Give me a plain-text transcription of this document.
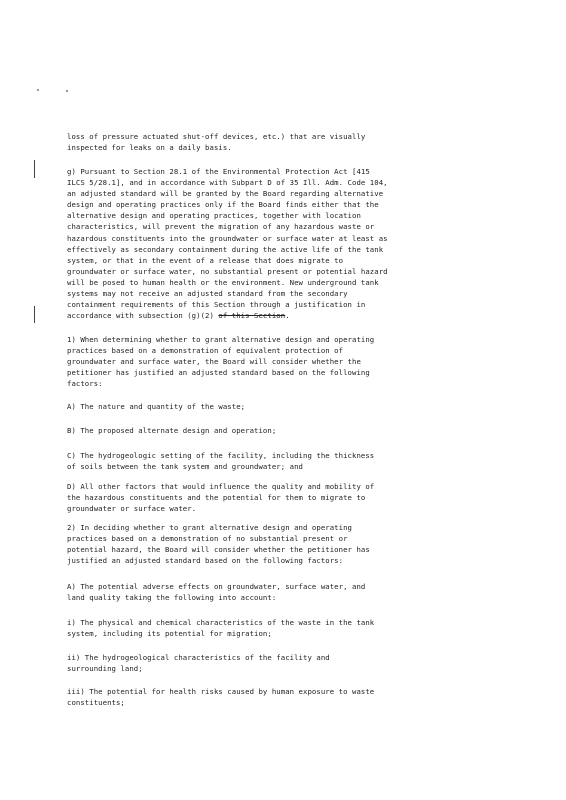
loss of pressure actuated shut-off devices, etc.) that are visually
inspected for leaks on a daily basis.

g) Pursuant to Section 28.1 of the Environmental Protection Act [415
ILCS 5/28.1], and in accordance with Subpart D of 35 Ill. Adm. Code 104,
an adjusted standard will be granted by the Board regarding alternative
design and operating practices only if the Board finds either that the
alternative design and operating practices, together with location
characteristics, will prevent the migration of any hazardous waste or
hazardous constituents into the groundwater or surface water at least as
effectively as secondary containment during the active life of the tank
system, or that in the event of a release that does migrate to
groundwater or surface water, no substantial present or potential hazard
will be posed to human health or the environment. New underground tank
systems may not receive an adjusted standard from the secondary
containment requirements of this Section through a justification in
accordance with subsection (g)(2) of this Section.

1) When determining whether to grant alternative design and operating
practices based on a demonstration of equivalent protection of
groundwater and surface water, the Board will consider whether the
petitioner has justified an adjusted standard based on the following
factors:

A) The nature and quantity of the waste;

B) The proposed alternate design and operation;

C) The hydrogeologic setting of the facility, including the thickness
of soils between the tank system and groundwater; and

D) All other factors that would influence the quality and mobility of
the hazardous constituents and the potential for them to migrate to
groundwater or surface water.

2) In deciding whether to grant alternative design and operating
practices based on a demonstration of no substantial present or
potential hazard, the Board will consider whether the petitioner has
justified an adjusted standard based on the following factors:

A) The potential adverse effects on groundwater, surface water, and
land quality taking the following into account:

i) The physical and chemical characteristics of the waste in the tank
system, including its potential for migration;

ii) The hydrogeological characteristics of the facility and
surrounding land;

iii) The potential for health risks caused by human exposure to waste
constituents;
